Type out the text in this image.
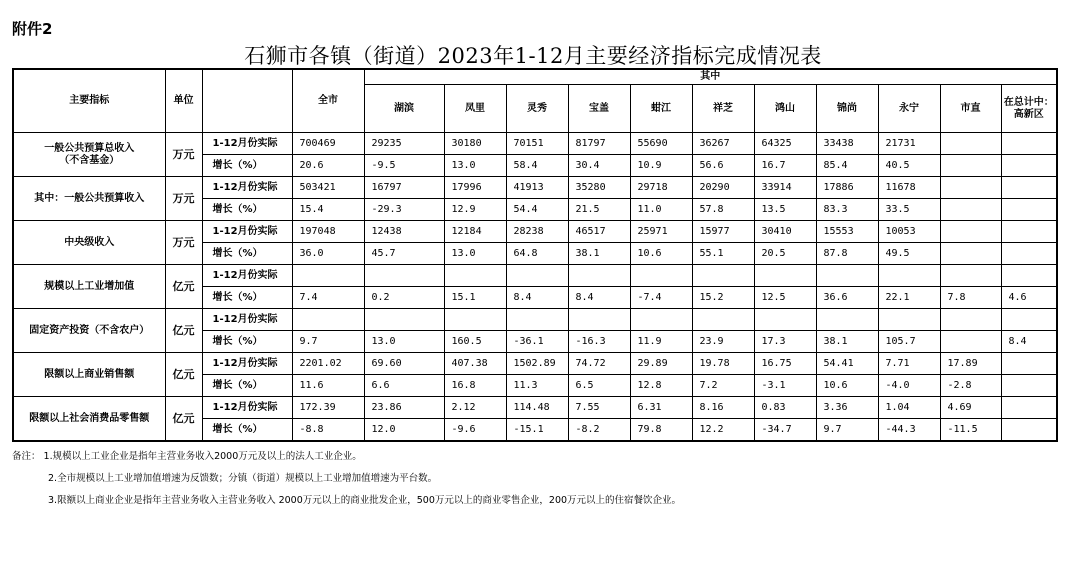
附件2
石狮市各镇（街道）2023年1-12月主要经济指标完成情况表
主要指标	单位		全市	其中										
				湖滨	凤里	灵秀	宝盖	蚶江	祥芝	鸿山	锦尚	永宁	市直	在总计中：高新区
一般公共预算总收入
（不含基金）	万元	1-12月份实际	700469	29235	30180	70151	81797	55690	36267	64325	33438	21731		
		增长（%）	20.6	-9.5	13.0	58.4	30.4	10.9	56.6	16.7	85.4	40.5		
其中：一般公共预算收入	万元	1-12月份实际	503421	16797	17996	41913	35280	29718	20290	33914	17886	11678		
		增长（%）	15.4	-29.3	12.9	54.4	21.5	11.0	57.8	13.5	83.3	33.5		
中央级收入	万元	1-12月份实际	197048	12438	12184	28238	46517	25971	15977	30410	15553	10053		
		增长（%）	36.0	45.7	13.0	64.8	38.1	10.6	55.1	20.5	87.8	49.5		
规模以上工业增加值	亿元	1-12月份实际												
		增长（%）	7.4	0.2	15.1	8.4	8.4	-7.4	15.2	12.5	36.6	22.1	7.8	4.6
固定资产投资（不含农户）	亿元	1-12月份实际												
		增长（%）	9.7	13.0	160.5	-36.1	-16.3	11.9	23.9	17.3	38.1	105.7		8.4
限额以上商业销售额	亿元	1-12月份实际	2201.02	69.60	407.38	1502.89	74.72	29.89	19.78	16.75	54.41	7.71	17.89	
		增长（%）	11.6	6.6	16.8	11.3	6.5	12.8	7.2	-3.1	10.6	-4.0	-2.8	
限额以上社会消费品零售额	亿元	1-12月份实际	172.39	23.86	2.12	114.48	7.55	6.31	8.16	0.83	3.36	1.04	4.69	
		增长（%）	-8.8	12.0	-9.6	-15.1	-8.2	79.8	12.2	-34.7	9.7	-44.3	-11.5	
备注： 1.规模以上工业企业是指年主营业务收入2000万元及以上的法人工业企业。
2.全市规模以上工业增加值增速为反馈数；分镇（街道）规模以上工业增加值增速为平台数。
3.限额以上商业企业是指年主营业务收入主营业务收入 2000万元以上的商业批发企业，500万元以上的商业零售企业，200万元以上的住宿餐饮企业。
